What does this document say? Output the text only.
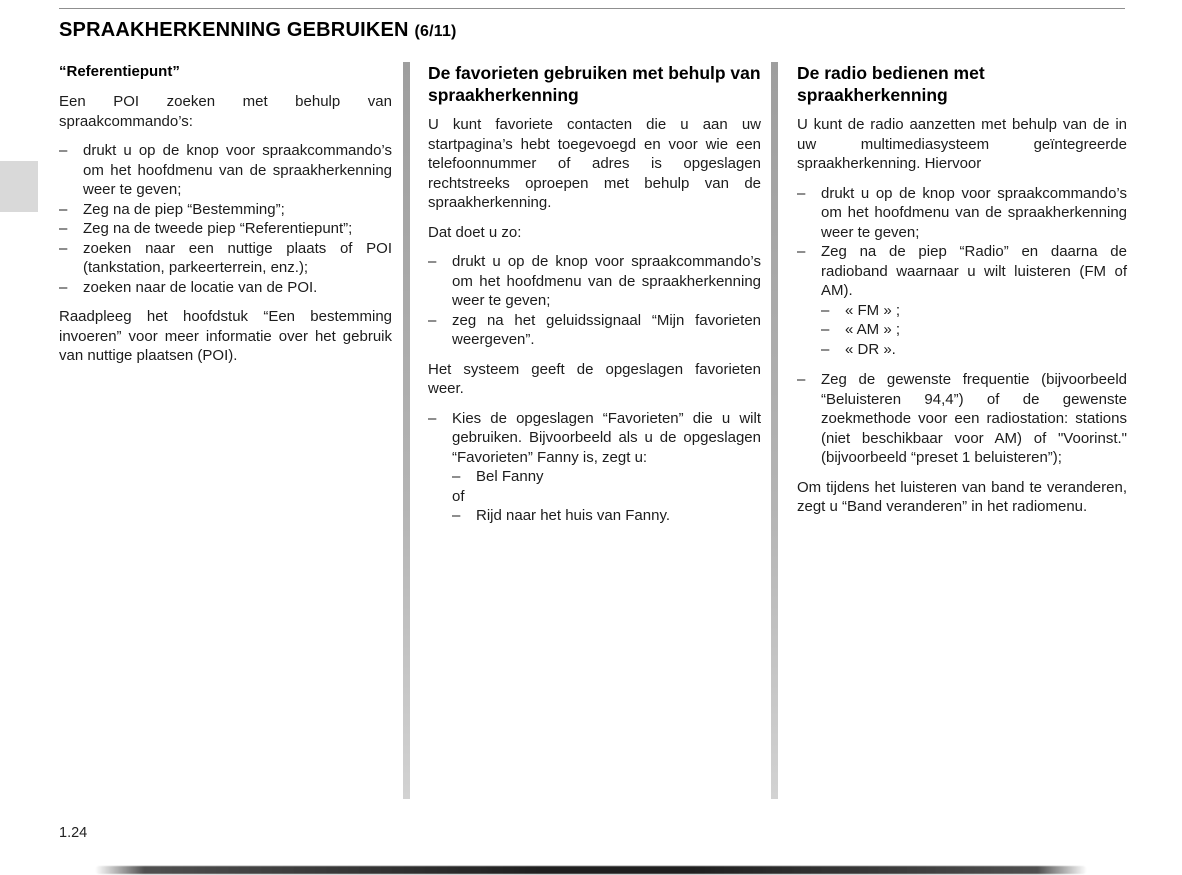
SPRAAKHERKENNING GEBRUIKEN (6/11)
“Referentiepunt”

Een POI zoeken met behulp van spraakcommando’s:

– drukt u op de knop voor spraakcommando’s om het hoofdmenu van de spraakherkenning weer te geven;
– Zeg na de piep “Bestemming”;
– Zeg na de tweede piep “Referentiepunt”;
– zoeken naar een nuttige plaats of POI (tankstation, parkeerterrein, enz.);
– zoeken naar de locatie van de POI.

Raadpleeg het hoofdstuk “Een bestemming invoeren” voor meer informatie over het gebruik van nuttige plaatsen (POI).

De favorieten gebruiken met behulp van spraakherkenning

U kunt favoriete contacten die u aan uw startpagina’s hebt toegevoegd en voor wie een telefoonnummer of adres is opgeslagen rechtstreeks oproepen met behulp van de spraakherkenning.

Dat doet u zo:

– drukt u op de knop voor spraakcommando’s om het hoofdmenu van de spraakherkenning weer te geven;
– zeg na het geluidssignaal “Mijn favorieten weergeven”.

Het systeem geeft de opgeslagen favorieten weer.

– Kies de opgeslagen “Favorieten” die u wilt gebruiken. Bijvoorbeeld als u de opgeslagen “Favorieten” Fanny is, zegt u:
– Bel Fanny
of
– Rijd naar het huis van Fanny.
De radio bedienen met spraakherkenning

U kunt de radio aanzetten met behulp van de in uw multimediasysteem geïntegreerde spraakherkenning. Hiervoor

– drukt u op de knop voor spraakcommando’s om het hoofdmenu van de spraakherkenning weer te geven;
– Zeg na de piep “Radio” en daarna de radioband waarnaar u wilt luisteren (FM of AM).
– « FM » ;
– « AM » ;
– « DR ».
– Zeg de gewenste frequentie (bijvoorbeeld “Beluisteren 94,4”) of de gewenste zoekmethode voor een radiostation: stations (niet beschikbaar voor AM) of "Voorinst." (bijvoorbeeld “preset 1 beluisteren”);

Om tijdens het luisteren van band te veranderen, zegt u “Band veranderen” in het radiomenu.

1.24
